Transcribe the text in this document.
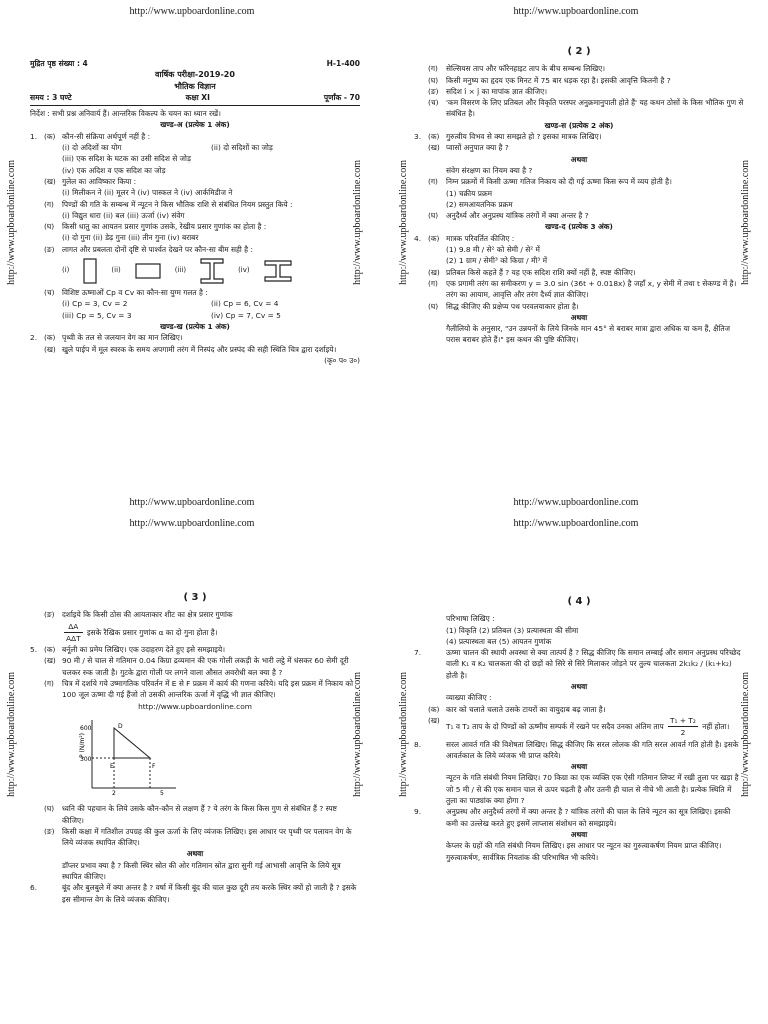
http://www.upboardonline.com
http://www.upboardonline.com	http://www.upboardonline.com
मुद्रित पृष्ठ संख्या : 4	H-1-400
वार्षिक परीक्षा-2019-20
भौतिक विज्ञान
समय : 3 घण्टे	कक्षा XI	पूर्णांक - 70
निर्देश : सभी प्रश्न अनिवार्य हैं। आन्तरिक विकल्प के चयन का ध्यान रखें।
खण्ड-अ (प्रत्येक 1 अंक)
1. (क) कौन-सी संक्रिया अर्थपूर्ण नहीं है :
(i) दो अदिशों का योग	(ii) दो सदिशों का जोड़
(iii) एक सदिश के घटक का उसी सदिश से जोड़
(iv) एक अदिश व एक सदिश का जोड़
(ख) गुलेल का आविष्कार किया :
(i) मिलीकन ने (ii) मूलर ने (iv) पास्कल ने (iv) आर्कमिडीज ने
(ग)	पिण्डों की गति के सम्बन्ध में न्यूटन ने किस भौतिक राशि से संबंधित नियम प्रस्तुत किये :
(i) विद्युत धारा (ii) बल (iii) ऊर्जा (iv) संवेग
(घ)	किसी धातु का आयतन प्रसार गुणांक उसके, रेखीय प्रसार गुणांक का होता है :
(i) दो गुना (ii) डेढ़ गुना (iii) तीन गुना (iv) बराबर
(ङ)	लागत और प्रबलता दोनों दृष्टि से पार्श्वत देखने पर कौन-सा बीम सही है :
(i)	(ii)	(iii)	(iv)
(च)	विशिष्ट ऊष्माओं Cp व Cv का कौन-सा युग्म गलत है :
(i) Cp = 3, Cv = 2	(ii) Cp = 6, Cv = 4
(iii) Cp = 5, Cv = 3	(iv) Cp = 7, Cv = 5
खण्ड-ख (प्रत्येक 1 अंक)
2. (क) पृथ्वी के तल से जलयान वेग का मान लिखिए।
(ख) खुले पाईप में मूल स्वरक के समय अपगामी तरंग में निस्पंद और प्रस्पंद की सही स्थिति चित्र द्वारा दर्शाइये।
(कृ० प० उ०)
http://www.upboardonline.com
http://www.upboardonline.com
http://www.upboardonline.com	http://www.upboardonline.com
( 2 )
(ग)	सेल्सियस ताप और फॉरेनहाइट ताप के बीच सम्बन्ध लिखिए।
(घ)	किसी मनुष्य का हृदय एक मिनट में 75 बार धड़क रहा है। इसकी आवृत्ति कितनी है ?
(ङ)	सदिश î × ĵ का मापांक ज्ञात कीजिए।
(च)	'कम विसरण के लिए प्रतिबल और विकृति परस्पर अनुक्रमानुपाती होते हैं' यह कथन ठोसों के किस भौतिक गुण से संबंधित है।
खण्ड-स (प्रत्येक 2 अंक)
3. (क) गुरुत्वीय विभव से क्या समझते हो ? इसका मात्रक लिखिए।
(ख) प्वासों अनुपात क्या है ?
अथवा
संवेग संरक्षण का नियम क्या है ?
(ग)	निम्न प्रक्रमों में किसी ऊष्मा गतिज निकाय को दी गई ऊष्मा किस रूप में व्यय होती है।
(1) चक्रीय प्रक्रम
(2) समआयतनिक प्रक्रम
(घ)	अनुदैर्ध्य और अनुप्रस्थ यांत्रिक तरंगों में क्या अन्तर है ?
खण्ड-द (प्रत्येक 3 अंक)
4. (क) मात्रक परिवर्तित कीजिए :
(1) 9.8 मी / से² को सेमी / से² में
(2) 1 ग्राम / सेमी³ को किग्रा / मी³ में
(ख) प्रतिबल किसे कहते हैं ? यह एक सदिश राशि क्यों नहीं है, स्पष्ट कीजिए।
(ग)	एक प्रगामी तरंग का समीकरण y = 3.0 sin (36t + 0.018x) है जहाँ x, y सेमी में तथा t सेकण्ड में है। तरंग का आयाम, आवृत्ति और तरंग दैर्ध्य ज्ञात कीजिए।
(घ)	सिद्ध कीजिए की प्रक्षेप्य पथ परवलयाकार होता है।
अथवा
गैलीलियो के अनुसार, "उन उन्नयनों के लिये जिनके मान 45° से बराबर मात्रा द्वारा अधिक या कम हैं, क्षैतिज परास बराबर होते हैं।" इस कथन की पुष्टि कीजिए।
http://www.upboardonline.com
http://www.upboardonline.com
http://www.upboardonline.com	http://www.upboardonline.com
( 3 )
(ङ)	दर्शाइये कि किसी ठोस की आयताकार शीट का क्षेत्र प्रसार गुणांक
$\frac{\Delta A}{\text{AΔT}}$ इसके रैखिक प्रसार गुणांक α का दो गुना होता है।
5. (क) बर्नूली का प्रमेय लिखिए। एक उदाहरण देते हुए इसे समझाइये।
(ख) 90 मी / से चाल से गतिमान 0.04 किग्रा द्रव्यमान की एक गोली लकड़ी के भारी लट्ठे में धंसकर 60 सेमी दूरी चलकर रुक जाती है। गुटके द्वारा गोली पर लगने वाला औसत अवरोधी बल क्या है ?
(ग)	चित्र में दर्शाये गये उष्मागतिक परिवर्तन में E से F प्रक्रम में कार्य की गणना करिये। यदि इस प्रक्रम में निकाय को 100 जूल ऊष्मा दी गई हैंजो तो उसकी आन्तरिक ऊर्जा में वृद्धि भी ज्ञात कीजिए।
http://www.upboardonline.com
P (N/m²)
600
300
2	5
D
E	F
(घ)	ध्वनि की पहचान के लिये उसके कौन-कौन से लक्षण हैं ? ये तरंग के किस किस गुण से संबंधित हैं ? स्पष्ट कीजिए।
(ङ)	किसी कक्षा में गतिशील उपग्रह की कुल ऊर्जा के लिए व्यंजक लिखिए। इस आधार पर पृथ्वी पर पलायन वेग के लिये व्यंजक स्थापित कीजिए।
अथवा
डॉप्लर प्रभाव क्या है ? किसी स्थिर स्रोत की ओर गतिमान स्रोत द्वारा सुनी गई आभासी आवृत्ति के लिये सूत्र स्थापित कीजिए।
6.	बूंद और बुलबुले में क्या अन्तर है ? वर्षा में किसी बूंद की चाल कुछ दूरी तय करके स्थिर क्यों हो जाती है ? इसके इस सीमान्त वेग के लिये व्यंजक कीजिए।
http://www.upboardonline.com
http://www.upboardonline.com	http://www.upboardonline.com
( 4 )
परिभाषा लिखिए :
(1) विकृति (2) प्रतिबल (3) प्रत्यास्थता की सीमा
(4) प्रत्यास्थता बल (5) आयतन गुणांक
7.	ऊष्मा चालन की स्थायी अवस्था से क्या तात्पर्य है ? सिद्ध कीजिए कि समान लम्बाई और समान अनुप्रस्थ परिच्छेद वाली K₁ व K₂ चालकता की दो छड़ों को सिरे से सिरे मिलाकर जोड़ने पर तुल्य चालकता 2k₁k₂ / (k₁+k₂) होती है।
अथवा
व्याख्या कीजिए :
(क) कार को चलाते चलाते उसके टायरों का वायुदाब बढ़ जाता है।
(ख)
T₁ व T₂ ताप के दो पिण्डों को ऊष्मीय सम्पर्क में रखने पर सदैव उनका अंतिम ताप $\frac{\text{T₁ + T₂}}{2}$ नहीं होता।
8.	सरल आवर्त गति की विशेषता लिखिए। सिद्ध कीजिए कि सरल लोलक की गति सरल आवर्त गति होती है। इसके आवर्तकाल के लिये व्यंजक भी प्राप्त करिये।
अथवा
न्यूटन के गति संबंधी नियम लिखिए। 70 किग्रा का एक व्यक्ति एक ऐसी गतिमान लिफ्ट में रखी तुला पर खड़ा है जो 5 मी / से की एक समान चाल से ऊपर चढ़ती है और उतनी ही चाल से नीचे भी आती है। प्रत्येक स्थिति में तुला का पाठ्यांक क्या होगा ?
9.	अनुप्रस्थ और अनुदैर्ध्य तरंगों में क्या अन्तर है ? यांत्रिक तरंगों की चाल के लिये न्यूटन का सूत्र लिखिए। इसकी कमी का उल्लेख करते हुए इसमें लाप्लास संशोधन को समझाइये।
अथवा
केप्लर के ग्रहों की गति संबंधी नियम लिखिए। इस आधार पर न्यूटन का गुरुत्वाकर्षण नियम प्राप्त कीजिए। गुरुत्वाकर्षण, सार्वत्रिक नियतांक की परिभाषित भी करिये।
